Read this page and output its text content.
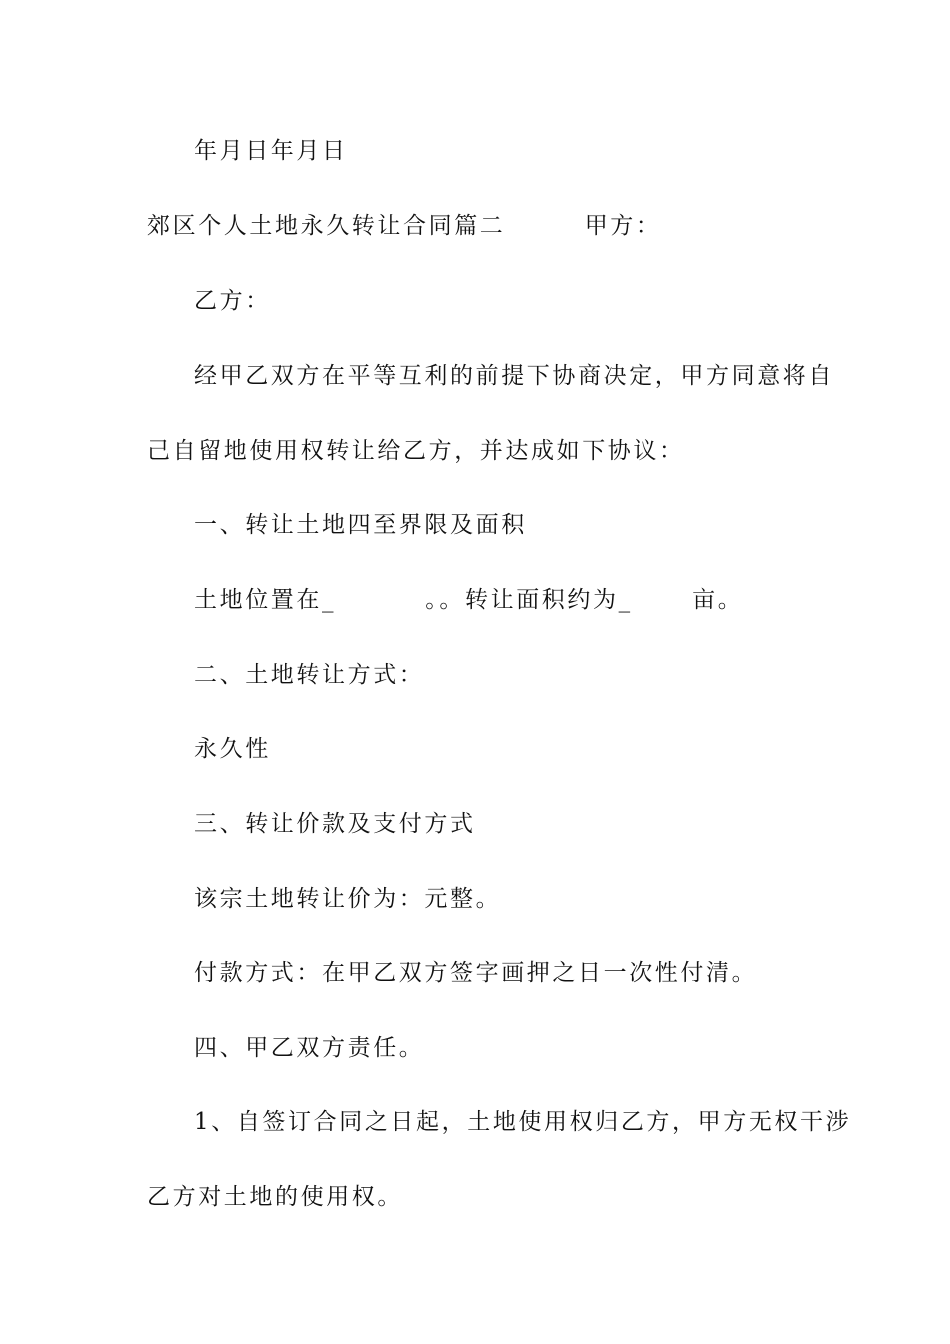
年月日年月日
郊区个人土地永久转让合同篇二        甲方：
乙方：
经甲乙双方在平等互利的前提下协商决定，甲方同意将自
己自留地使用权转让给乙方，并达成如下协议：
一、转让土地四至界限及面积
土地位置在_         。。转让面积约为_      亩。
二、土地转让方式：
永久性
三、转让价款及支付方式
该宗土地转让价为：元整。
付款方式：在甲乙双方签字画押之日一次性付清。
四、甲乙双方责任。
1、自签订合同之日起，土地使用权归乙方，甲方无权干涉
乙方对土地的使用权。
